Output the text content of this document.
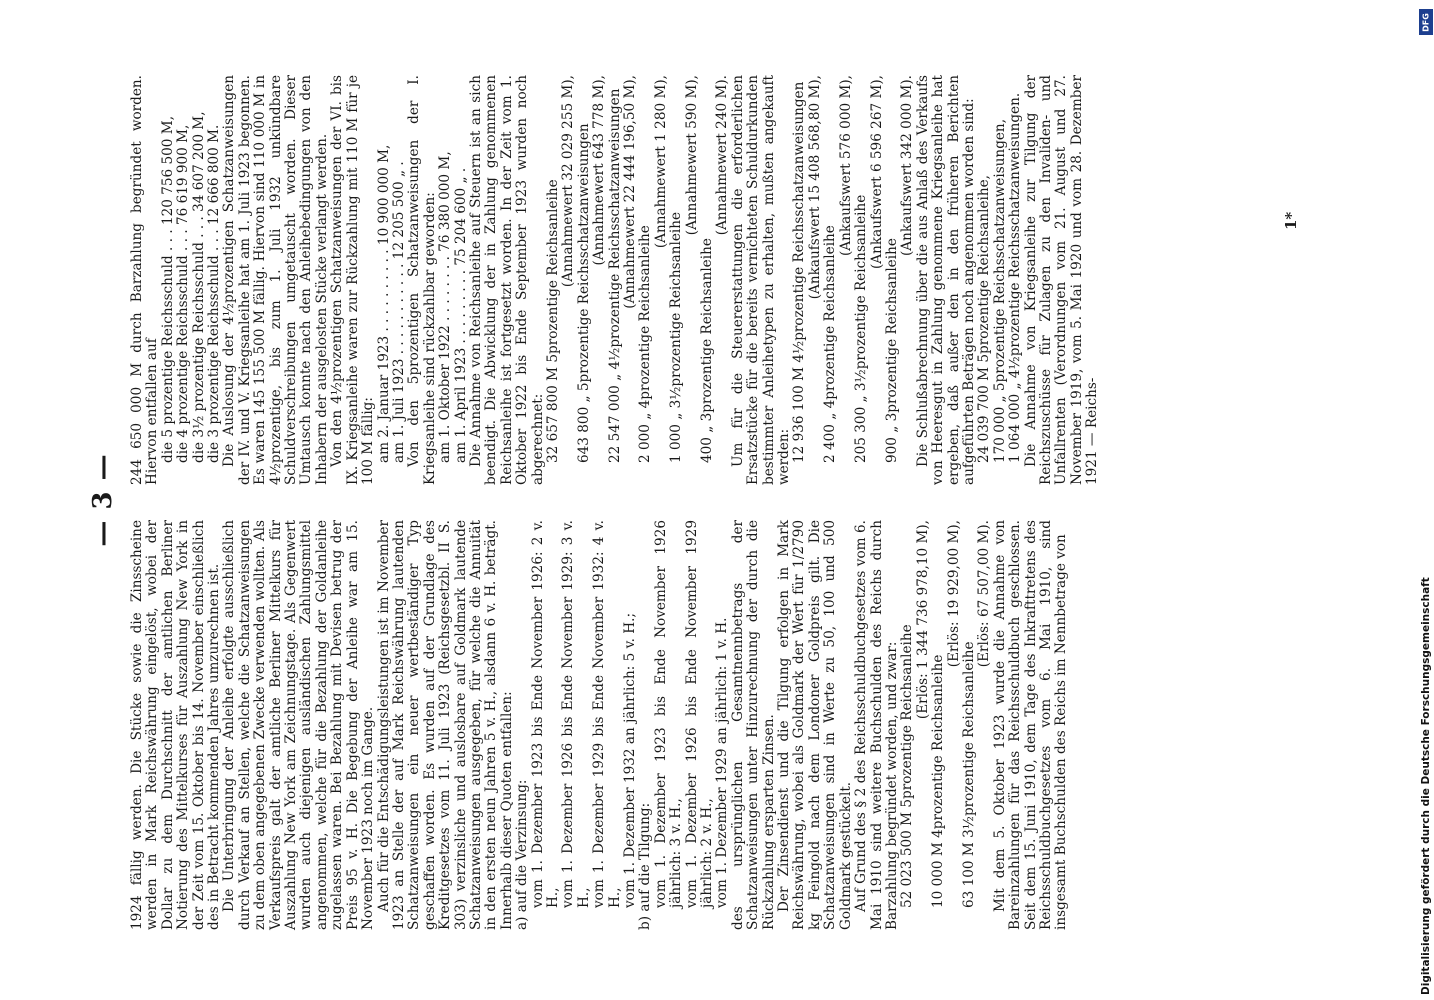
— 3 —

1924 fällig werden. Die Stücke sowie die Zinsscheine werden in Mark Reichswährung eingelöst, wobei der Dollar zu dem Durchschnitt der amtlichen Berliner Notierung des Mittelkurses für Auszahlung New York in der Zeit vom 15. Oktober bis 14. November einschließlich des in Betracht kommenden Jahres umzurechnen ist. Die Unterbringung der Anleihe erfolgte ausschließlich durch Verkauf an Stellen, welche die Schatzanweisungen zu dem oben angegebenen Zwecke verwenden wollten. Als Verkaufspreis galt der amtliche Berliner Mittelkurs für Auszahlung New York am Zeichnungstage. Als Gegenwert wurden auch diejenigen ausländischen Zahlungsmittel angenommen, welche für die Bezahlung der Goldanleihe zugelassen waren. Bei Bezahlung mit Devisen betrug der Preis 95 v. H. Die Begebung der Anleihe war am 15. November 1923 noch im Gange. Auch für die Entschädigungsleistungen ist im November 1923 an Stelle der auf Mark Reichswährung lautenden Schatzanweisungen ein neuer wertbeständiger Typ geschaffen worden. Es wurden auf der Grundlage des Kreditgesetzes vom 11. Juli 1923 (Reichsgesetzbl. II S. 303) verzinsliche und auslosbare auf Goldmark lautende Schatzanweisungen ausgegeben, für welche die Annuität in den ersten neun Jahren 5 v. H., alsdann 6 v. H. beträgt. Innerhalb dieser Quoten entfallen: a) auf die Verzinsung: vom 1. Dezember 1923 bis Ende November 1926: 2 v. H., vom 1. Dezember 1926 bis Ende November 1929: 3 v. H., vom 1. Dezember 1929 bis Ende November 1932: 4 v. H., vom 1. Dezember 1932 an jährlich: 5 v. H.; b) auf die Tilgung: vom 1. Dezember 1923 bis Ende November 1926 jährlich: 3 v. H., vom 1. Dezember 1926 bis Ende November 1929 jährlich: 2 v. H., vom 1. Dezember 1929 an jährlich: 1 v. H. des ursprünglichen Gesamtnennbetrags der Schatzanweisungen unter Hinzurechnung der durch die Rückzahlung ersparten Zinsen. Der Zinsendienst und die Tilgung erfolgen in Mark Reichswährung, wobei als Goldmark der Wert für 1/2790 kg Feingold nach dem Londoner Goldpreis gilt. Die Schatzanweisungen sind in Werte zu 50, 100 und 500 Goldmark gestückelt. Auf Grund des § 2 des Reichsschuldbuchgesetzes vom 6. Mai 1910 sind weitere Buchschulden des Reichs durch Barzahlung begründet worden, und zwar: 52 023 500 M 5prozentige Reichsanleihe

(Erlös: 1 344 736 978,10 M),

10 000 M 4prozentige Reichsanleihe

(Erlös: 19 929,00 M),

63 100 M 3½prozentige Reichsanleihe

(Erlös: 67 507,00 M). Mit dem 5. Oktober 1923 wurde die Annahme von Bareinzahlungen für das Reichsschuldbuch geschlossen. Seit dem 15. Juni 1910, dem Tage des Inkrafttretens des Reichsschuldbuchgesetzes vom 6. Mai 1910, sind insgesamt Buchschulden des Reichs im Nennbetrage von

244 650 000 M durch Barzahlung begründet worden. Hiervon entfallen auf die 5 prozentige Reichsschuld . . . 120 756 500 M, die 4 prozentige Reichsschuld . . . 76 619 900 M, die 3½ prozentige Reichsschuld . . . 34 607 200 M, die 3 prozentige Reichsschuld . . . 12 666 800 M. Die Auslosung der 4½prozentigen Schatzanweisungen der IV. und V. Kriegsanleihe hat am 1. Juli 1923 begonnen. Es waren 145 155 500 M fällig. Hiervon sind 110 000 M in 4½prozentige, bis zum 1. Juli 1932 unkündbare Schuldverschreibungen umgetauscht worden. Dieser Umtausch konnte nach den Anleihebedingungen von den Inhabern der ausgelosten Stücke verlangt werden. Von den 4½prozentigen Schatzanweisungen der VI. bis IX. Kriegsanleihe waren zur Rückzahlung mit 110 M für je 100 M fällig: am 2. Januar 1923 . . . . . . . . . . 10 900 000 M, am 1. Juli 1923 . . . . . . . . . . . 12 205 500 „ . Von den 5prozentigen Schatzanweisungen der I. Kriegsanleihe sind rückzahlbar geworden: am 1. Oktober 1922 . . . . . . . . 76 380 000 M, am 1. April 1923 . . . . . . . . . 75 204 600 „ . Die Annahme von Reichsanleihe auf Steuern ist an sich beendigt. Die Abwicklung der in Zahlung genommenen Reichsanleihe ist fortgesetzt worden. In der Zeit vom 1. Oktober 1922 bis Ende September 1923 wurden noch abgerechnet: 32 657 800 M 5prozentige Reichsanleihe (Annahmewert 32 029 255 M), 643 800 „ 5prozentige Reichsschatzanweisungen (Annahmewert 643 778 M), 22 547 000 „ 4½prozentige Reichsschatzanweisungen (Annahmewert 22 444 196,50 M),

2 000 „ 4prozentige Reichsanleihe

(Annahmewert 1 280 M),

1 000 „ 3½prozentige Reichsanleihe

(Annahmewert 590 M),

400 „ 3prozentige Reichsanleihe

(Annahmewert 240 M). Um für die Steuererstattungen die erforderlichen Ersatzstücke für die bereits vernichteten Schuldurkunden bestimmter Anleihetypen zu erhalten, mußten angekauft werden: 12 936 100 M 4½prozentige Reichsschatzanweisungen (Ankaufswert 15 408 568,80 M),

2 400 „ 4prozentige Reichsanleihe

(Ankaufswert 576 000 M),

205 300 „ 3½prozentige Reichsanleihe

(Ankaufswert 6 596 267 M),

900 „ 3prozentige Reichsanleihe

(Ankaufswert 342 000 M). Die Schlußabrechnung über die aus Anlaß des Verkaufs von Heeresgut in Zahlung genommene Kriegsanleihe hat ergeben, daß außer den in den früheren Berichten aufgeführten Beträgen noch angenommen worden sind: 24 039 700 M 5prozentige Reichsanleihe, 170 000 „ 5prozentige Reichsschatzanweisungen, 1 064 000 „ 4½prozentige Reichsschatzanweisungen. Die Annahme von Kriegsanleihe zur Tilgung der Reichszuschüsse für Zulagen zu den Invaliden- und Unfallrenten (Verordnungen vom 21. August und 27. November 1919, vom 5. Mai 1920 und vom 28. Dezember 1921 — Reichs-

1*
DFG
Digitalisierung gefördert durch die Deutsche Forschungsgemeinschaft
